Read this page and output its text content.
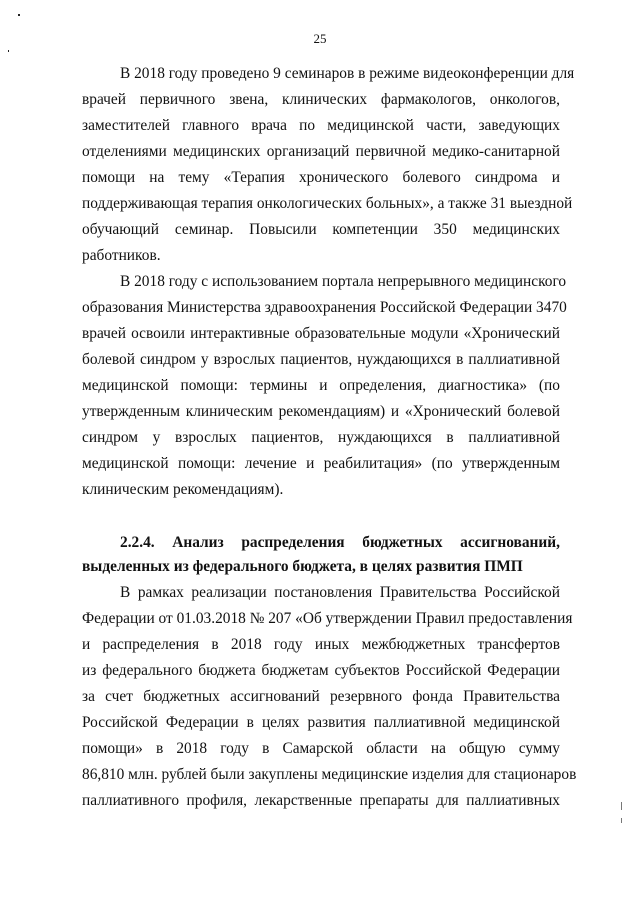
25
В 2018 году проведено 9 семинаров в режиме видеоконференции для
врачей первичного звена, клинических фармакологов, онкологов,
заместителей главного врача по медицинской части, заведующих
отделениями медицинских организаций первичной медико-санитарной
помощи на тему «Терапия хронического болевого синдрома и
поддерживающая терапия онкологических больных», а также 31 выездной
обучающий семинар. Повысили компетенции 350 медицинских
работников.
В 2018 году с использованием портала непрерывного медицинского
образования Министерства здравоохранения Российской Федерации 3470
врачей освоили интерактивные образовательные модули «Хронический
болевой синдром у взрослых пациентов, нуждающихся в паллиативной
медицинской помощи: термины и определения, диагностика» (по
утвержденным клиническим рекомендациям) и «Хронический болевой
синдром у взрослых пациентов, нуждающихся в паллиативной
медицинской помощи: лечение и реабилитация» (по утвержденным
клиническим рекомендациям).
2.2.4. Анализ распределения бюджетных ассигнований,
выделенных из федерального бюджета, в целях развития ПМП
В рамках реализации постановления Правительства Российской
Федерации от 01.03.2018 № 207 «Об утверждении Правил предоставления
и распределения в 2018 году иных межбюджетных трансфертов
из федерального бюджета бюджетам субъектов Российской Федерации
за счет бюджетных ассигнований резервного фонда Правительства
Российской Федерации в целях развития паллиативной медицинской
помощи» в 2018 году в Самарской области на общую сумму
86,810 млн. рублей были закуплены медицинские изделия для стационаров
паллиативного профиля, лекарственные препараты для паллиативных
